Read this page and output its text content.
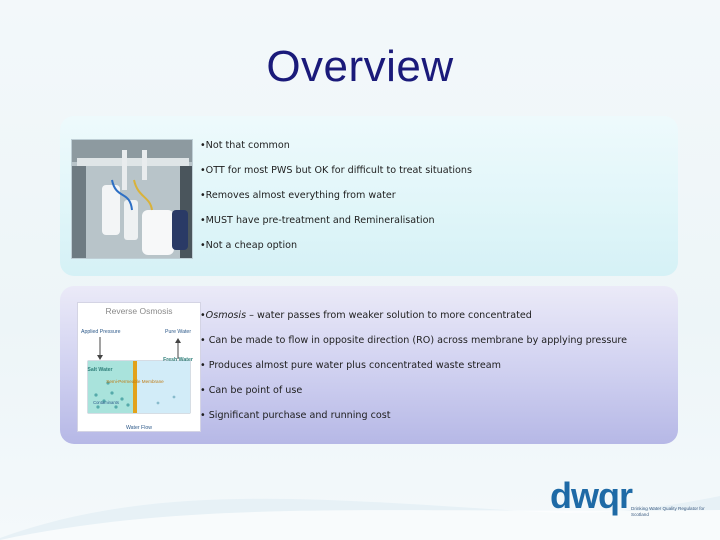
Overview
•Not that common
•OTT for most PWS but OK for difficult to treat situations
•Removes almost everything from water
•MUST have pre-treatment and Remineralisation
•Not a cheap option
Reverse Osmosis
Applied Pressure	Pure Water
Salt Water
Fresh Water
Semi-Permeable Membrane
Contaminants
Water Flow
•Osmosis – water passes from weaker solution to more concentrated
• Can be made to flow in opposite direction (RO) across membrane by applying pressure
• Produces almost pure water plus concentrated waste stream
• Can be point of use
• Significant purchase and running cost
dwqr Drinking Water Quality Regulator for Scotland
